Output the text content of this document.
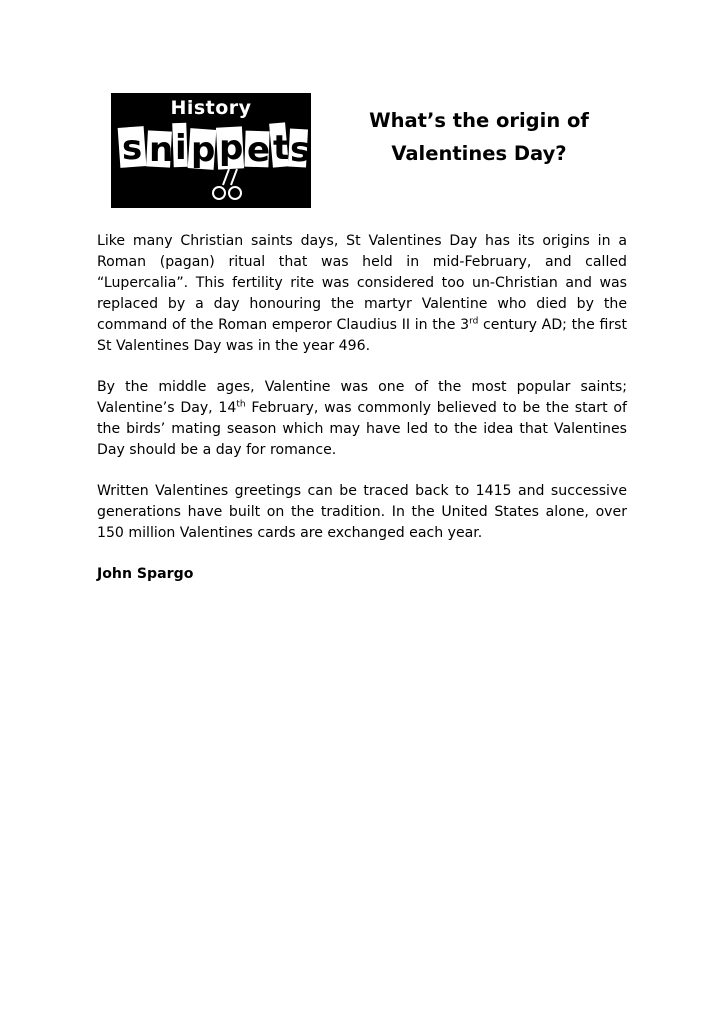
History
s n i p p e t s
What’s the origin of
Valentines Day?

Like many Christian saints days, St Valentines Day has its origins in a Roman (pagan) ritual that was held in mid-February, and called “Lupercalia”. This fertility rite was considered too un-Christian and was replaced by a day honouring the martyr Valentine who died by the command of the Roman emperor Claudius II in the 3rd century AD; the first St Valentines Day was in the year 496.

By the middle ages, Valentine was one of the most popular saints; Valentine’s Day, 14th February, was commonly believed to be the start of the birds’ mating season which may have led to the idea that Valentines Day should be a day for romance.

Written Valentines greetings can be traced back to 1415 and successive generations have built on the tradition. In the United States alone, over 150 million Valentines cards are exchanged each year.

John Spargo
